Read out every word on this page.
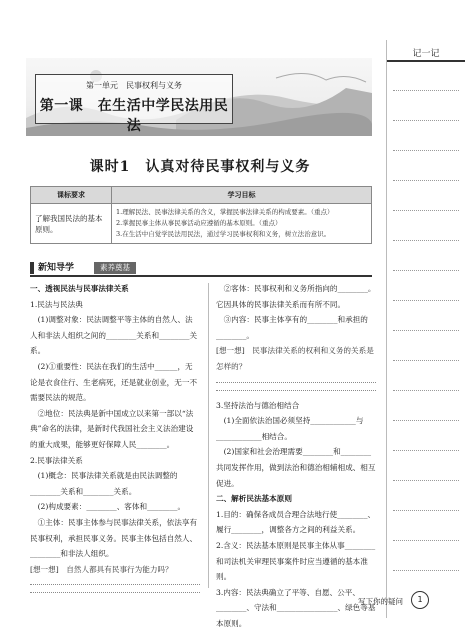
第一单元　民事权利与义务
第一课　在生活中学民法用民法
课时1　认真对待民事权利与义务
课标要求	学习目标
了解我国民法的基本原则。	1.理解民法、民事法律关系的含义，掌握民事法律关系的构成要素。（重点）
2.掌握民事主体从事民事活动应遵循的基本原则。（重点）
3.在生活中自觉学民法用民法，通过学习民事权利和义务，树立法治意识。
新知导学	素养奠基

一、透视民法与民事法律关系

1.民法与民法典

(1)调整对象：民法调整平等主体的自然人、法人和非法人组织之间的________关系和________关系。

(2)①重要性：民法在我们的生活中______，无论是衣食住行、生老病死，还是就业创业，无一不需要民法的规范。

②地位：民法典是新中国成立以来第一部以“法典”命名的法律，是新时代我国社会主义法治建设的重大成果，能够更好保障人民________。

2.民事法律关系

(1)概念：民事法律关系就是由民法调整的________关系和________关系。

(2)构成要素：________、客体和________。

①主体：民事主体参与民事法律关系，依法享有民事权利，承担民事义务。民事主体包括自然人、________和非法人组织。

[想一想]　自然人都具有民事行为能力吗？

②客体：民事权利和义务所指向的________。它因具体的民事法律关系而有所不同。

③内容：民事主体享有的________和承担的________。

[想一想]　民事法律关系的权利和义务的关系是怎样的？

3.坚持法治与德治相结合

(1)全面依法治国必须坚持____________与____________相结合。

(2)国家和社会治理需要________和________共同发挥作用，做到法治和德治相辅相成、相互促进。

二、解析民法基本原则

1.目的：确保各成员合理合法地行使________、履行________，调整各方之间的利益关系。

2.含义：民法基本原则是民事主体从事________和司法机关审理民事案件时应当遵循的基本准则。

3.内容：民法典确立了平等、自愿、公平、________、守法和________________、绿色等基本原则。

记一记
写下你的疑问	1
